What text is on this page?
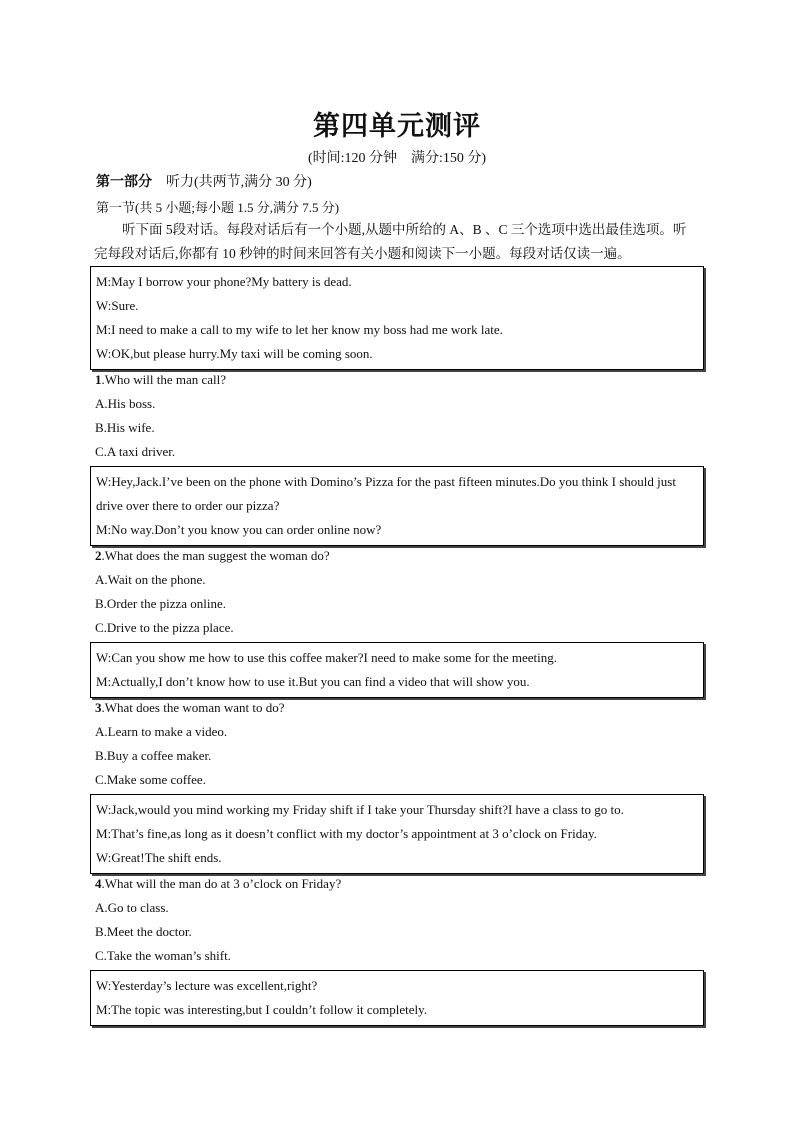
第四单元测评
(时间:120 分钟　满分:150 分)
第一部分　 听力(共两节,满分 30 分)
第一节(共 5 小题;每小题 1.5 分,满分 7.5 分)

听下面 5段对话。每段对话后有一个小题,从题中所给的 A、B 、C 三个选项中选出最佳选项。听完每段对话后,你都有 10 秒钟的时间来回答有关小题和阅读下一小题。每段对话仅读一遍。

M:May I borrow your phone?My battery is dead.
W:Sure.
M:I need to make a call to my wife to let her know my boss had me work late.
W:OK,but please hurry.My taxi will be coming soon.
1.Who will the man call?
A.His boss.
B.His wife.
C.A taxi driver.
W:Hey,Jack.I’ve been on the phone with Domino’s Pizza for the past fifteen minutes.Do you think I should just drive over there to order our pizza?
M:No way.Don’t you know you can order online now?
2.What does the man suggest the woman do?
A.Wait on the phone.
B.Order the pizza online.
C.Drive to the pizza place.
W:Can you show me how to use this coffee maker?I need to make some for the meeting.
M:Actually,I don’t know how to use it.But you can find a video that will show you.
3.What does the woman want to do?
A.Learn to make a video.
B.Buy a coffee maker.
C.Make some coffee.
W:Jack,would you mind working my Friday shift if I take your Thursday shift?I have a class to go to.
M:That’s fine,as long as it doesn’t conflict with my doctor’s appointment at 3 o’clock on Friday.
W:Great!The shift ends.
4.What will the man do at 3 o’clock on Friday?
A.Go to class.
B.Meet the doctor.
C.Take the woman’s shift.
W:Yesterday’s lecture was excellent,right?
M:The topic was interesting,but I couldn’t follow it completely.
